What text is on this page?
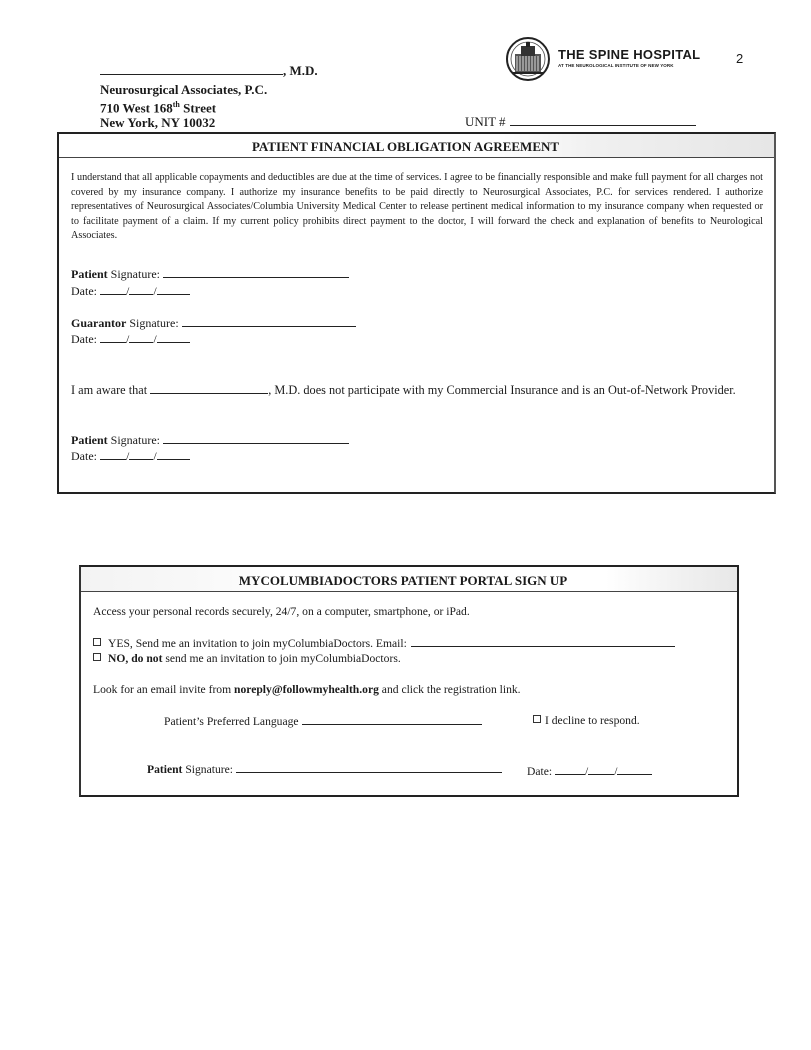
, M.D.
Neurosurgical Associates, P.C.
710 West 168th Street
New York, NY 10032
THE SPINE HOSPITAL
AT THE NEUROLOGICAL INSTITUTE OF NEW YORK	2
UNIT #
PATIENT FINANCIAL OBLIGATION AGREEMENT
I understand that all applicable copayments and deductibles are due at the time of services. I agree to be financially responsible and make full payment for all charges not covered by my insurance company. I authorize my insurance benefits to be paid directly to Neurosurgical Associates, P.C. for services rendered. I authorize representatives of Neurosurgical Associates/Columbia University Medical Center to release pertinent medical information to my insurance company when requested or to facilitate payment of a claim. If my current policy prohibits direct payment to the doctor, I will forward the check and explanation of benefits to Neurological Associates.
Patient Signature:
Date: / /
Guarantor Signature:
Date: / /
I am aware that	, M.D. does not participate with my Commercial Insurance and is an Out-of-Network Provider.
Patient Signature:
Date: / /
MYCOLUMBIADOCTORS PATIENT PORTAL SIGN UP
Access your personal records securely, 24/7, on a computer, smartphone, or iPad.
YES, Send me an invitation to join myColumbiaDoctors. Email:
NO, do not send me an invitation to join myColumbiaDoctors.
Look for an email invite from noreply@followmyhealth.org and click the registration link.
Patient’s Preferred Language	I decline to respond.
Patient Signature:	Date:	/ /
